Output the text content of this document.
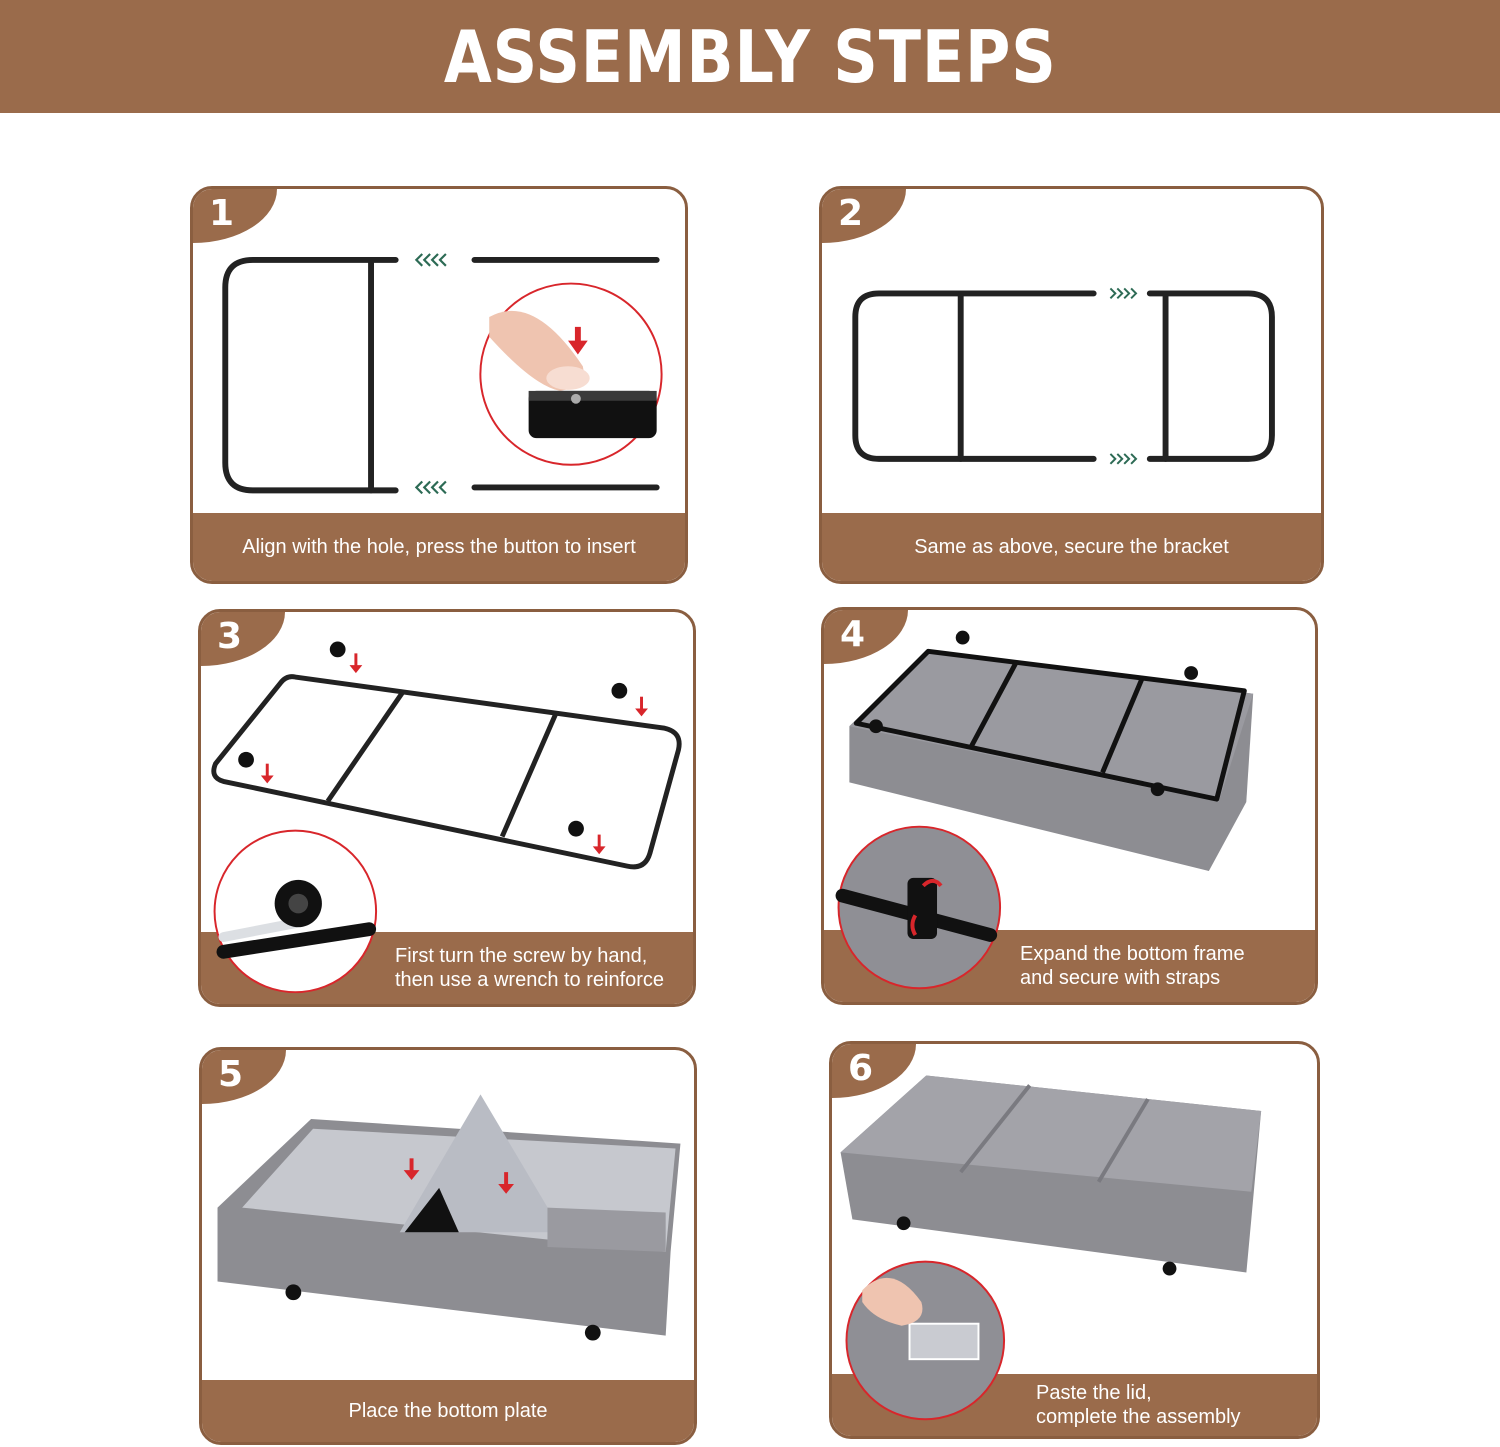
ASSEMBLY STEPS
1
Align with the hole, press the button to insert
2
Same as above, secure the bracket
3
First turn the screw by hand,
then use a wrench to reinforce
4
Expand the bottom frame
and secure with straps
5
Place the bottom plate
6
Paste the lid,
complete the assembly
